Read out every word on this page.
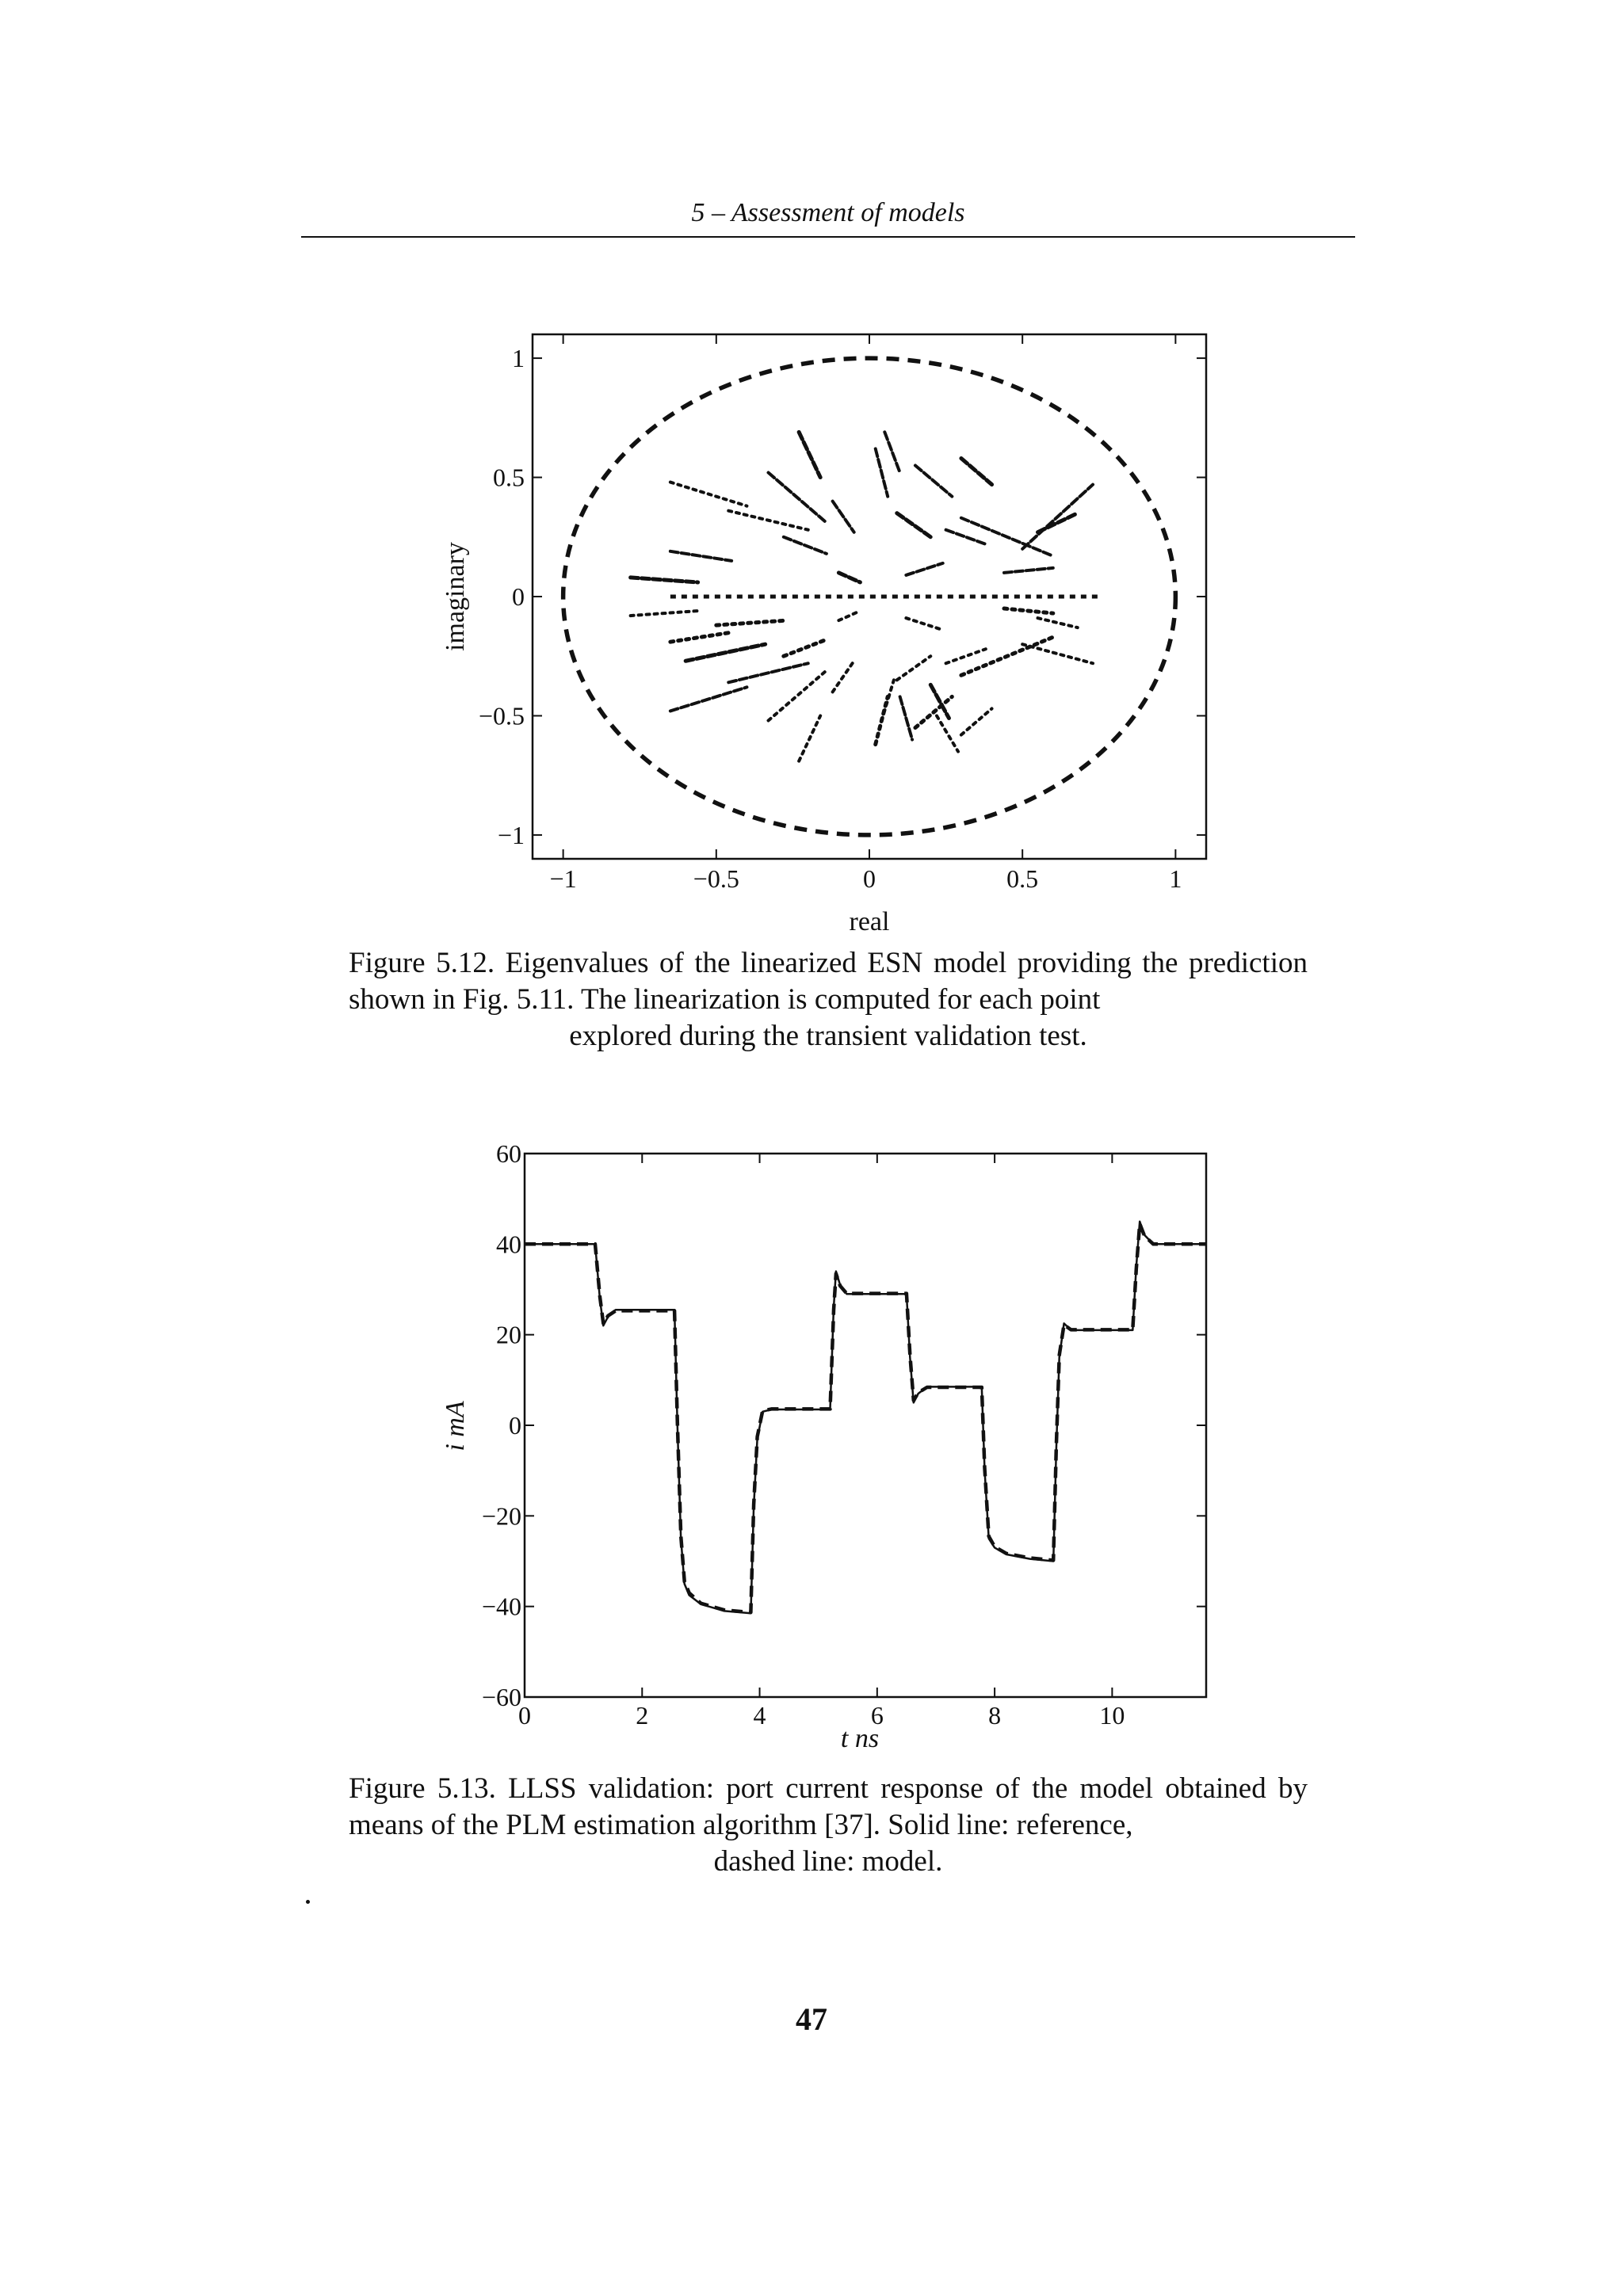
5 – Assessment of models
−1	−0.5	0	0.5	1
1
0.5
0
−0.5
−1
real
imaginary
Figure 5.12. Eigenvalues of the linearized ESN model providing the prediction shown in Fig. 5.11. The linearization is computed for each point
explored during the transient validation test.
0	2	4	6	8	10
60
40
20
0
−20
−40
−60
t ns
i mA
Figure 5.13. LLSS validation: port current response of the model obtained by means of the PLM estimation algorithm [37]. Solid line: reference,
dashed line: model.
47
